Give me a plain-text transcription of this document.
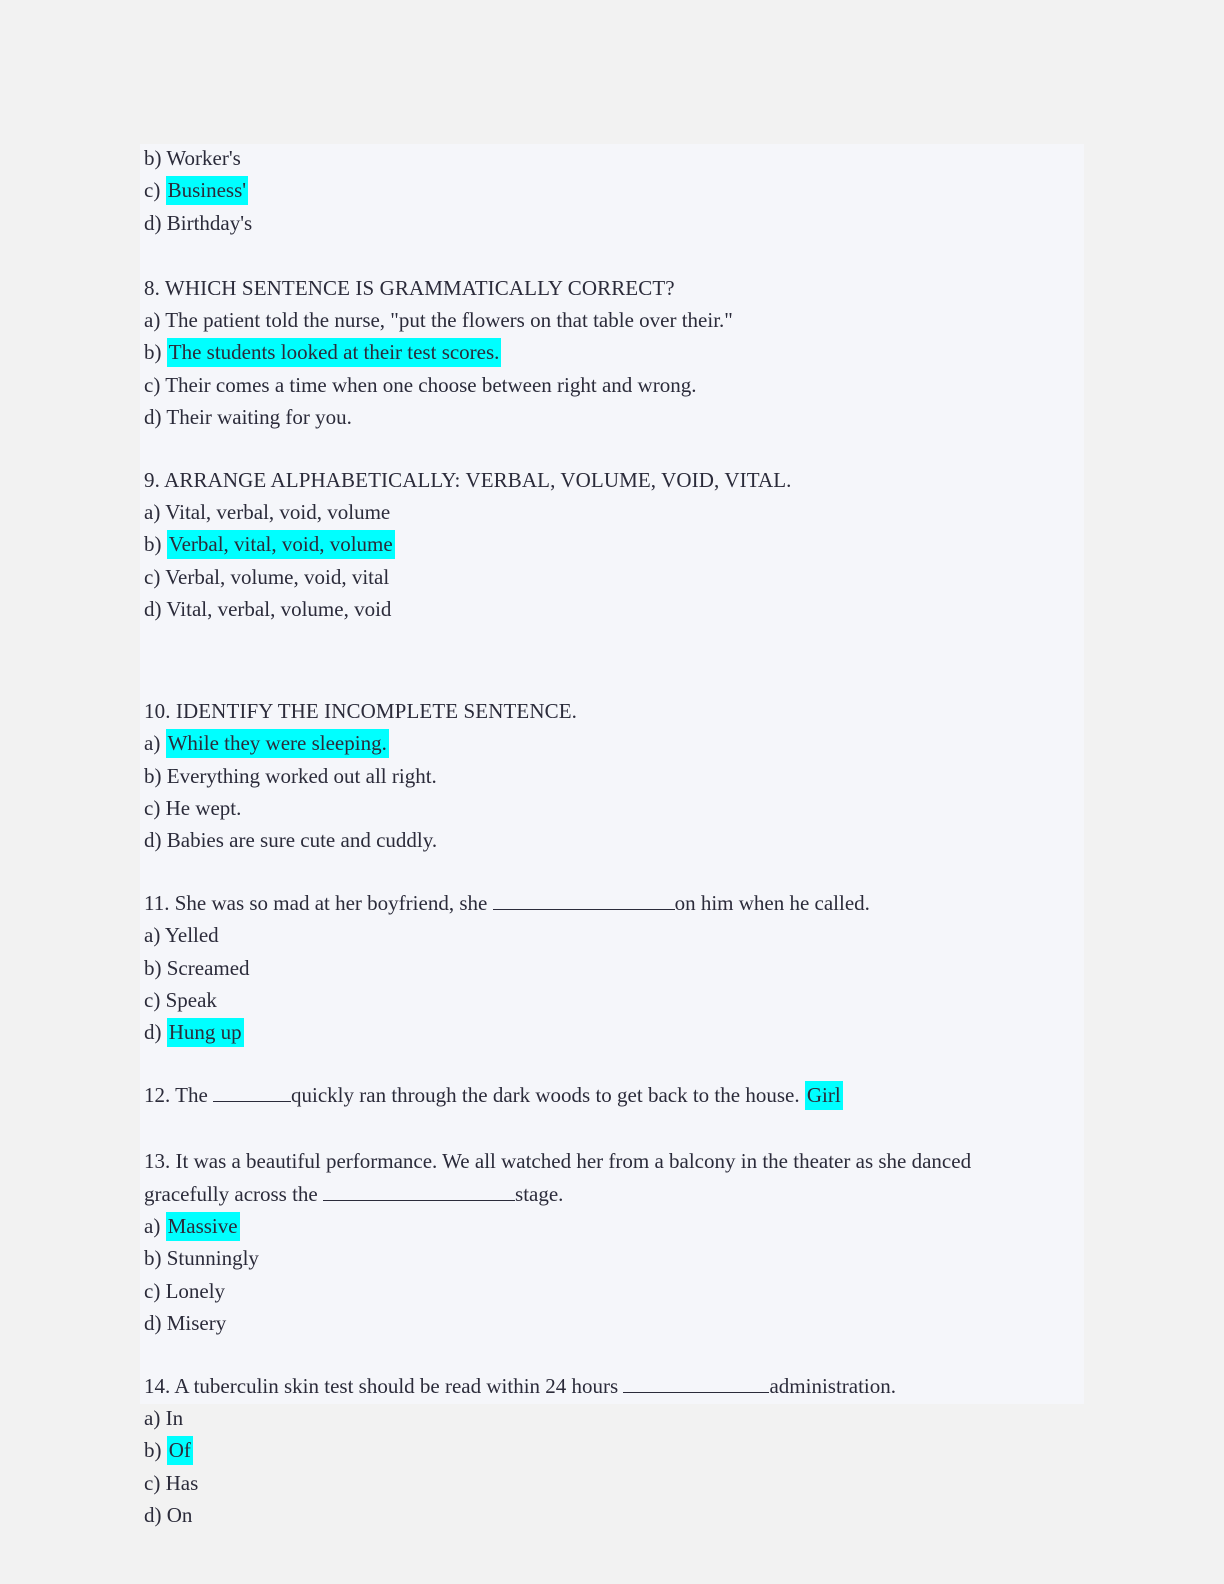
b) Worker's
c) Business'
d) Birthday's
8. WHICH SENTENCE IS GRAMMATICALLY CORRECT?
a) The patient told the nurse, "put the flowers on that table over their."
b) The students looked at their test scores.
c) Their comes a time when one choose between right and wrong.
d) Their waiting for you.
9. ARRANGE ALPHABETICALLY: VERBAL, VOLUME, VOID, VITAL.
a) Vital, verbal, void, volume
b) Verbal, vital, void, volume
c) Verbal, volume, void, vital
d) Vital, verbal, volume, void
10. IDENTIFY THE INCOMPLETE SENTENCE.
a) While they were sleeping.
b) Everything worked out all right.
c) He wept.
d) Babies are sure cute and cuddly.
11. She was so mad at her boyfriend, she	on him when he called.
a) Yelled
b) Screamed
c) Speak
d) Hung up
12. The	quickly ran through the dark woods to get back to the house. Girl
13. It was a beautiful performance. We all watched her from a balcony in the theater as she danced
gracefully across the	stage.
a) Massive
b) Stunningly
c) Lonely
d) Misery
14. A tuberculin skin test should be read within 24 hours	administration.
a) In
b) Of
c) Has
d) On
